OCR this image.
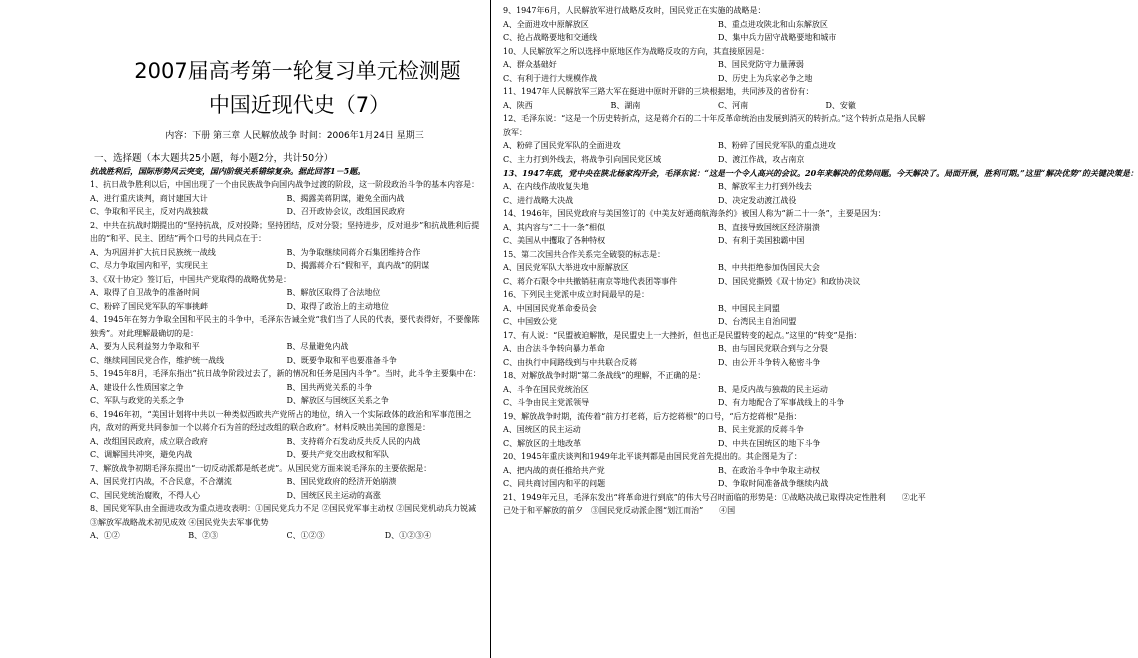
2007届高考第一轮复习单元检测题
中国近现代史（7）
内容：下册 第三章 人民解放战争 时间：2006年1月24日 星期三
一、选择题（本大题共25小题，每小题2分，共计50分）
抗战胜利后，国际形势风云突变，国内阶级关系错综复杂。据此回答1－5题。
1、抗日战争胜利以后，中国出现了一个由民族战争向国内战争过渡的阶段，这一阶段政治斗争的基本内容是：
A、进行重庆谈判，商讨建国大计	B、揭露美蒋阴谋，避免全面内战
C、争取和平民主，反对内战独裁	D、召开政协会议，改组国民政府
2、中共在抗战时期提出的“坚持抗战，反对投降；坚持团结，反对分裂；坚持进步，反对退步”和抗战胜利后提出的“和平、民主、团结”两个口号的共同点在于：
A、为巩固并扩大抗日民族统一战线	B、为争取继续同蒋介石集团维持合作
C、尽力争取国内和平，实现民主	D、揭露蒋介石“假和平，真内战”的阴谋
3、《双十协定》签订后，中国共产党取得的战略优势是：
A、取得了自卫战争的准备时间	B、解放区取得了合法地位
C、粉碎了国民党军队的军事挑衅	D、取得了政治上的主动地位
4、1945年在努力争取全国和平民主的斗争中，毛泽东告诫全党“我们当了人民的代表，要代表得好，不要像陈独秀”。对此理解最确切的是：
A、要为人民利益努力争取和平	B、尽量避免内战
C、继续同国民党合作，维护统一战线	D、既要争取和平也要准备斗争
5、1945年8月，毛泽东指出“抗日战争阶段过去了，新的情况和任务是国内斗争”。当时，此斗争主要集中在：
A、建设什么性质国家之争	B、国共两党关系的斗争
C、军队与政党的关系之争	D、解放区与国统区关系之争
6、1946年初，“美国计划将中共以一种类似西欧共产党所占的地位，纳入一个实际政体的政治和军事范围之内，敌对的两党共同参加一个以蒋介石为首的经过改组的联合政府”。材料反映出美国的意图是：
A、改组国民政府，成立联合政府	B、支持蒋介石发动反共反人民的内战
C、调解国共冲突，避免内战	D、要共产党交出政权和军队
7、解放战争初期毛泽东提出“一切反动派都是纸老虎”。从国民党方面来说毛泽东的主要依据是：
A、国民党打内战，不合民意，不合潮流	B、国民党政府的经济开始崩溃
C、国民党统治腐败，不得人心	D、国统区民主运动的高涨
8、国民党军队由全面进攻改为重点进攻表明：①国民党兵力不足 ②国民党军事主动权 ②国民党机动兵力锐减 ③解放军战略战术初见成效 ④国民党失去军事优势
A、①②	B、②③	C、①②③	D、①②③④
9、1947年6月，人民解放军进行战略反攻时，国民党正在实施的战略是：
A、全面进攻中原解放区	B、重点进攻陕北和山东解放区
C、抢占战略要地和交通线	D、集中兵力固守战略要地和城市
10、人民解放军之所以选择中原地区作为战略反攻的方向，其直接原因是：
A、群众基础好	B、国民党防守力量薄弱
C、有利于进行大规模作战	D、历史上为兵家必争之地
11、1947年人民解放军三路大军在挺进中原时开辟的三块根据地，共同涉及的省份有：
A、陕西	B、湖南	C、河南	D、安徽
12、毛泽东说：“这是一个历史转折点，这是蒋介石的二十年反革命统治由发展到消灭的转折点。”这个转折点是指人民解放军：
A、粉碎了国民党军队的全面进攻	B、粉碎了国民党军队的重点进攻
C、主力打到外线去，将战争引向国民党区域	D、渡江作战，攻占南京
13、1947年底，党中央在陕北杨家沟开会，毛泽东说：“这是一个令人高兴的会议。20年来解决的优势问题。今天解决了。局面开展，胜利可期。”这里“解决优势”的关键决策是：
A、在内线作战收复失地	B、解放军主力打到外线去
C、进行战略大决战	D、决定发动渡江战役
14、1946年，国民党政府与美国签订的《中美友好通商航海条约》被国人称为“新二十一条”，主要是因为：
A、其内容与“二十一条”相似	B、直接导致国统区经济崩溃
C、美国从中攫取了各种特权	D、有利于美国独霸中国
15、第二次国共合作关系完全破裂的标志是：
A、国民党军队大举进攻中原解放区	B、中共拒绝参加伪国民大会
C、蒋介石限令中共撤销驻南京等地代表团等事件	D、国民党撕毁《双十协定》和政协决议
16、下列民主党派中成立时间最早的是：
A、中国国民党革命委员会	B、中国民主同盟
C、中国致公党	D、台湾民主自治同盟
17、有人说：“民盟被迫解散，是民盟史上一大挫折，但也正是民盟转变的起点。”这里的“转变”是指：
A、由合法斗争转向暴力革命	B、由与国民党联合到与之分裂
C、由执行中间路线到与中共联合反蒋	D、由公开斗争转入秘密斗争
18、对解放战争时期“第二条战线”的理解，不正确的是：
A、斗争在国民党统治区	B、是反内战与独裁的民主运动
C、斗争由民主党派领导	D、有力地配合了军事战线上的斗争
19、解放战争时期，流传着“前方打老蒋，后方挖蒋根”的口号，“后方挖蒋根”是指：
A、国统区的民主运动	B、民主党派的反蒋斗争
C、解放区的土地改革	D、中共在国统区的地下斗争
20、1945年重庆谈判和1949年北平谈判都是由国民党首先提出的。其企图是为了：
A、把内战的责任推给共产党	B、在政治斗争中争取主动权
C、同共商讨国内和平的问题	D、争取时间准备战争继续内战
21、1949年元旦，毛泽东发出“将革命进行到底”的伟大号召时面临的形势是：①战略决战已取得决定性胜利　　②北平已处于和平解放的前夕　③国民党反动派企图“划江而治”　　④国
